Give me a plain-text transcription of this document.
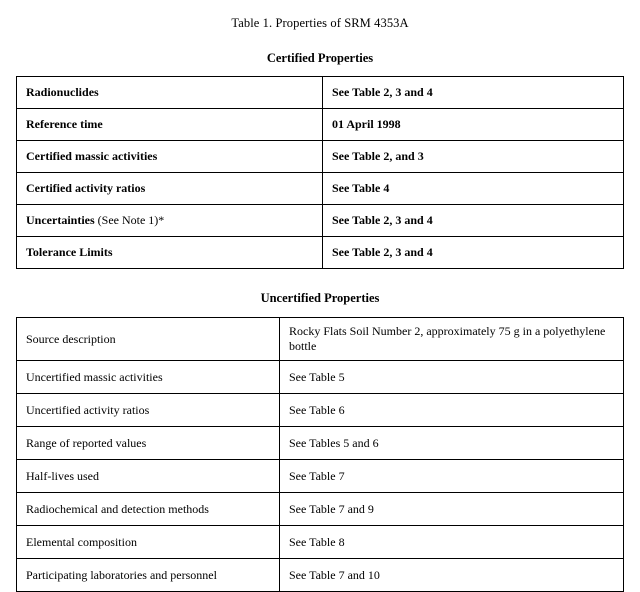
Table 1. Properties of SRM 4353A
Certified Properties
Radionuclides	See Table 2, 3 and 4
Reference time	01 April 1998
Certified massic activities	See Table 2, and 3
Certified activity ratios	See Table 4
Uncertainties (See Note 1)*	See Table 2, 3 and 4
Tolerance Limits	See Table 2, 3 and 4
Uncertified Properties
Source description	Rocky Flats Soil Number 2, approximately 75 g in a polyethylene bottle
Uncertified massic activities	See Table 5
Uncertified activity ratios	See Table 6
Range of reported values	See Tables 5 and 6
Half-lives used	See Table 7
Radiochemical and detection methods	See Table 7 and 9
Elemental composition	See Table 8
Participating laboratories and personnel	See Table 7 and 10
